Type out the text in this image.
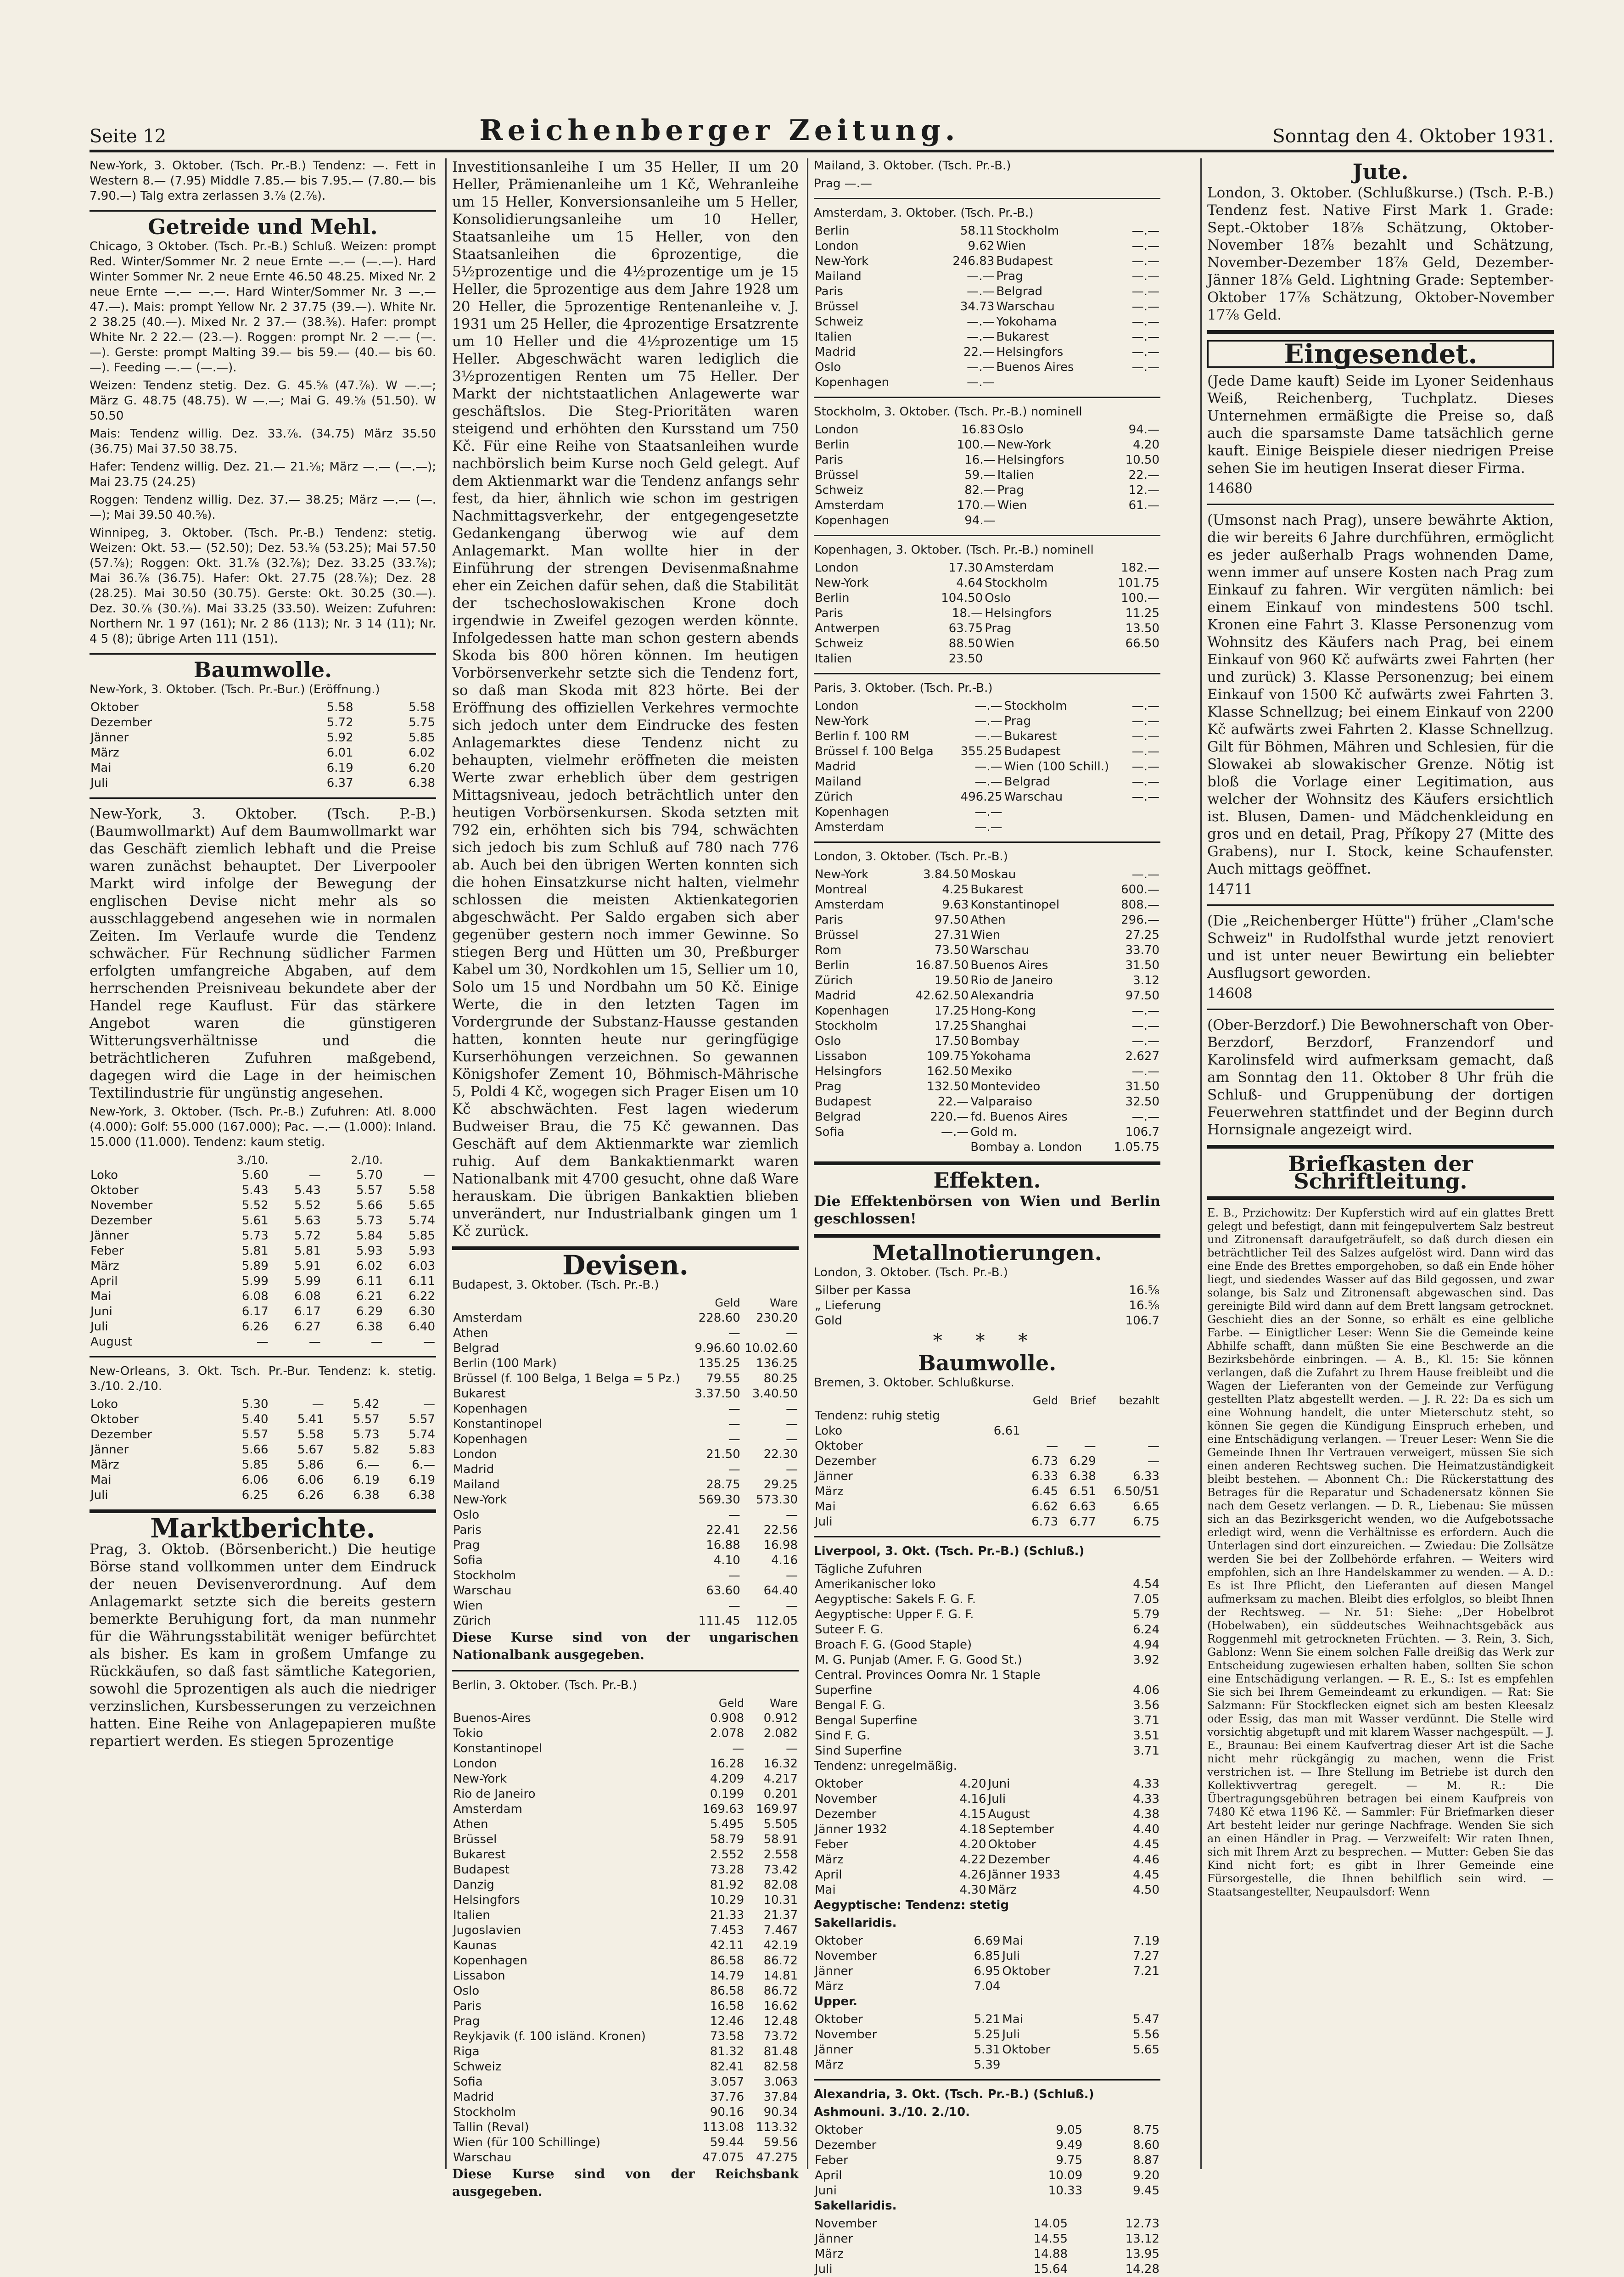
Seite 12	Reichenberger Zeitung.	Sonntag den 4. Oktober 1931.

New-York, 3. Oktober. (Tsch. Pr.-B.) Tendenz: —. Fett in Western 8.— (7.95) Middle 7.85.— bis 7.95.— (7.80.— bis 7.90.—) Talg extra zerlassen 3.⅞ (2.⅞).

Getreide und Mehl.

Chicago, 3 Oktober. (Tsch. Pr.-B.) Schluß. Weizen: prompt Red. Winter/Sommer Nr. 2 neue Ernte —.— (—.—). Hard Winter Sommer Nr. 2 neue Ernte 46.50 48.25. Mixed Nr. 2 neue Ernte —.— —.—. Hard Winter/Sommer Nr. 3 —.— 47.—). Mais: prompt Yellow Nr. 2 37.75 (39.—). White Nr. 2 38.25 (40.—). Mixed Nr. 2 37.— (38.⅜). Hafer: prompt White Nr. 2 22.— (23.—). Roggen: prompt Nr. 2 —.— (—.—). Gerste: prompt Malting 39.— bis 59.— (40.— bis 60.—). Feeding —.— (—.—).

Weizen: Tendenz stetig. Dez. G. 45.⅝ (47.⅞). W —.—; März G. 48.75 (48.75). W —.—; Mai G. 49.⅝ (51.50). W 50.50

Mais: Tendenz willig. Dez. 33.⅞. (34.75) März 35.50 (36.75) Mai 37.50 38.75.

Hafer: Tendenz willig. Dez. 21.— 21.⅝; März —.— (—.—); Mai 23.75 (24.25)

Roggen: Tendenz willig. Dez. 37.— 38.25; März —.— (—.—); Mai 39.50 40.⅝).

Winnipeg, 3. Oktober. (Tsch. Pr.-B.) Tendenz: stetig. Weizen: Okt. 53.— (52.50); Dez. 53.⅝ (53.25); Mai 57.50 (57.⅞); Roggen: Okt. 31.⅞ (32.⅞); Dez. 33.25 (33.⅞); Mai 36.⅞ (36.75). Hafer: Okt. 27.75 (28.⅞); Dez. 28 (28.25). Mai 30.50 (30.75). Gerste: Okt. 30.25 (30.—). Dez. 30.⅞ (30.⅞). Mai 33.25 (33.50). Weizen: Zufuhren: Northern Nr. 1 97 (161); Nr. 2 86 (113); Nr. 3 14 (11); Nr. 4 5 (8); übrige Arten 111 (151).

Baumwolle.

New-York, 3. Oktober. (Tsch. Pr.-Bur.) (Eröffnung.)

Oktober	5.58	5.58
Dezember	5.72	5.75
Jänner	5.92	5.85
März	6.01	6.02
Mai	6.19	6.20
Juli	6.37	6.38

New-York, 3. Oktober. (Tsch. P.-B.) (Baumwollmarkt) Auf dem Baumwollmarkt war das Geschäft ziemlich lebhaft und die Preise waren zunächst behauptet. Der Liverpooler Markt wird infolge der Bewegung der englischen Devise nicht mehr als so ausschlaggebend angesehen wie in normalen Zeiten. Im Verlaufe wurde die Tendenz schwächer. Für Rechnung südlicher Farmen erfolgten umfangreiche Abgaben, auf dem herrschenden Preisniveau bekundete aber der Handel rege Kauflust. Für das stärkere Angebot waren die günstigeren Witterungsverhältnisse und die beträchtlicheren Zufuhren maßgebend, dagegen wird die Lage in der heimischen Textilindustrie für ungünstig angesehen.

New-York, 3. Oktober. (Tsch. Pr.-B.) Zufuhren: Atl. 8.000 (4.000): Golf: 55.000 (167.000); Pac. —.— (1.000): Inland. 15.000 (11.000). Tendenz: kaum stetig.

	3./10.		2./10.	
Loko	5.60	—	5.70	—
Oktober	5.43	5.43	5.57	5.58
November	5.52	5.52	5.66	5.65
Dezember	5.61	5.63	5.73	5.74
Jänner	5.73	5.72	5.84	5.85
Feber	5.81	5.81	5.93	5.93
März	5.89	5.91	6.02	6.03
April	5.99	5.99	6.11	6.11
Mai	6.08	6.08	6.21	6.22
Juni	6.17	6.17	6.29	6.30
Juli	6.26	6.27	6.38	6.40
August	—	—	—	—

New-Orleans, 3. Okt. Tsch. Pr.-Bur. Tendenz: k. stetig. 3./10. 2./10.

Loko	5.30	—	5.42	—
Oktober	5.40	5.41	5.57	5.57
Dezember	5.57	5.58	5.73	5.74
Jänner	5.66	5.67	5.82	5.83
März	5.85	5.86	6.—	6.—
Mai	6.06	6.06	6.19	6.19
Juli	6.25	6.26	6.38	6.38
Marktberichte.

Prag, 3. Oktob. (Börsenbericht.) Die heutige Börse stand vollkommen unter dem Eindruck der neuen Devisenverordnung. Auf dem Anlagemarkt setzte sich die bereits gestern bemerkte Beruhigung fort, da man nunmehr für die Währungsstabilität weniger befürchtet als bisher. Es kam in großem Umfange zu Rückkäufen, so daß fast sämtliche Kategorien, sowohl die 5prozentigen als auch die niedriger verzinslichen, Kursbesserungen zu verzeichnen hatten. Eine Reihe von Anlagepapieren mußte repartiert werden. Es stiegen 5prozentige

Investitionsanleihe I um 35 Heller, II um 20 Heller, Prämienanleihe um 1 Kč, Wehranleihe um 15 Heller, Konversionsanleihe um 5 Heller, Konsolidierungsanleihe um 10 Heller, Staatsanleihe um 15 Heller, von den Staatsanleihen die 6prozentige, die 5½prozentige und die 4½prozentige um je 15 Heller, die 5prozentige aus dem Jahre 1928 um 20 Heller, die 5prozentige Rentenanleihe v. J. 1931 um 25 Heller, die 4prozentige Ersatzrente um 10 Heller und die 4½prozentige um 15 Heller. Abgeschwächt waren lediglich die 3½prozentigen Renten um 75 Heller. Der Markt der nichtstaatlichen Anlagewerte war geschäftslos. Die Steg-Prioritäten waren steigend und erhöhten den Kursstand um 750 Kč. Für eine Reihe von Staatsanleihen wurde nachbörslich beim Kurse noch Geld gelegt. Auf dem Aktienmarkt war die Tendenz anfangs sehr fest, da hier, ähnlich wie schon im gestrigen Nachmittagsverkehr, der entgegengesetzte Gedankengang überwog wie auf dem Anlagemarkt. Man wollte hier in der Einführung der strengen Devisenmaßnahme eher ein Zeichen dafür sehen, daß die Stabilität der tschechoslowakischen Krone doch irgendwie in Zweifel gezogen werden könnte. Infolgedessen hatte man schon gestern abends Skoda bis 800 hören können. Im heutigen Vorbörsenverkehr setzte sich die Tendenz fort, so daß man Skoda mit 823 hörte. Bei der Eröffnung des offiziellen Verkehres vermochte sich jedoch unter dem Eindrucke des festen Anlagemarktes diese Tendenz nicht zu behaupten, vielmehr eröffneten die meisten Werte zwar erheblich über dem gestrigen Mittagsniveau, jedoch beträchtlich unter den heutigen Vorbörsenkursen. Skoda setzten mit 792 ein, erhöhten sich bis 794, schwächten sich jedoch bis zum Schluß auf 780 nach 776 ab. Auch bei den übrigen Werten konnten sich die hohen Einsatzkurse nicht halten, vielmehr schlossen die meisten Aktienkategorien abgeschwächt. Per Saldo ergaben sich aber gegenüber gestern noch immer Gewinne. So stiegen Berg und Hütten um 30, Preßburger Kabel um 30, Nordkohlen um 15, Sellier um 10, Solo um 15 und Nordbahn um 50 Kč. Einige Werte, die in den letzten Tagen im Vordergrunde der Substanz-Hausse gestanden hatten, konnten heute nur geringfügige Kurserhöhungen verzeichnen. So gewannen Königshofer Zement 10, Böhmisch-Mährische 5, Poldi 4 Kč, wogegen sich Prager Eisen um 10 Kč abschwächten. Fest lagen wiederum Budweiser Brau, die 75 Kč gewannen. Das Geschäft auf dem Aktienmarkte war ziemlich ruhig. Auf dem Bankaktienmarkt waren Nationalbank mit 4700 gesucht, ohne daß Ware herauskam. Die übrigen Bankaktien blieben unverändert, nur Industrialbank gingen um 1 Kč zurück.

Devisen.

Budapest, 3. Oktober. (Tsch. Pr.-B.)

	Geld	Ware
Amsterdam	228.60	230.20
Athen	—	—
Belgrad	9.96.60	10.02.60
Berlin (100 Mark)	135.25	136.25
Brüssel (f. 100 Belga, 1 Belga = 5 Pz.)	79.55	80.25
Bukarest	3.37.50	3.40.50
Kopenhagen	—	—
Konstantinopel	—	—
Kopenhagen	—	—
London	21.50	22.30
Madrid	—	—
Mailand	28.75	29.25
New-York	569.30	573.30
Oslo	—	—
Paris	22.41	22.56
Prag	16.88	16.98
Sofia	4.10	4.16
Stockholm	—	—
Warschau	63.60	64.40
Wien	—	—
Zürich	111.45	112.05

Diese Kurse sind von der ungarischen Nationalbank ausgegeben.

Berlin, 3. Oktober. (Tsch. Pr.-B.)

	Geld	Ware
Buenos-Aires	0.908	0.912
Tokio	2.078	2.082
Konstantinopel	—	—
London	16.28	16.32
New-York	4.209	4.217
Rio de Janeiro	0.199	0.201
Amsterdam	169.63	169.97
Athen	5.495	5.505
Brüssel	58.79	58.91
Bukarest	2.552	2.558
Budapest	73.28	73.42
Danzig	81.92	82.08
Helsingfors	10.29	10.31
Italien	21.33	21.37
Jugoslavien	7.453	7.467
Kaunas	42.11	42.19
Kopenhagen	86.58	86.72
Lissabon	14.79	14.81
Oslo	86.58	86.72
Paris	16.58	16.62
Prag	12.46	12.48
Reykjavik (f. 100 isländ. Kronen)	73.58	73.72
Riga	81.32	81.48
Schweiz	82.41	82.58
Sofia	3.057	3.063
Madrid	37.76	37.84
Stockholm	90.16	90.34
Tallin (Reval)	113.08	113.32
Wien (für 100 Schillinge)	59.44	59.56
Warschau	47.075	47.275

Diese Kurse sind von der Reichsbank ausgegeben.

Mailand, 3. Oktober. (Tsch. Pr.-B.)

Prag —.—

Amsterdam, 3. Oktober. (Tsch. Pr.-B.)

Berlin	58.11	Stockholm	—.—
London	9.62	Wien	—.—
New-York	246.83	Budapest	—.—
Mailand	—.—	Prag	—.—
Paris	—.—	Belgrad	—.—
Brüssel	34.73	Warschau	—.—
Schweiz	—.—	Yokohama	—.—
Italien	—.—	Bukarest	—.—
Madrid	22.—	Helsingfors	—.—
Oslo	—.—	Buenos Aires	—.—
Kopenhagen	—.—		

Stockholm, 3. Oktober. (Tsch. Pr.-B.) nominell

London	16.83	Oslo	94.—
Berlin	100.—	New-York	4.20
Paris	16.—	Helsingfors	10.50
Brüssel	59.—	Italien	22.—
Schweiz	82.—	Prag	12.—
Amsterdam	170.—	Wien	61.—
Kopenhagen	94.—		

Kopenhagen, 3. Oktober. (Tsch. Pr.-B.) nominell

London	17.30	Amsterdam	182.—
New-York	4.64	Stockholm	101.75
Berlin	104.50	Oslo	100.—
Paris	18.—	Helsingfors	11.25
Antwerpen	63.75	Prag	13.50
Schweiz	88.50	Wien	66.50
Italien	23.50		

Paris, 3. Oktober. (Tsch. Pr.-B.)

London	—.—	Stockholm	—.—
New-York	—.—	Prag	—.—
Berlin f. 100 RM	—.—	Bukarest	—.—
Brüssel f. 100 Belga	355.25	Budapest	—.—
Madrid	—.—	Wien (100 Schill.)	—.—
Mailand	—.—	Belgrad	—.—
Zürich	496.25	Warschau	—.—
Kopenhagen	—.—		
Amsterdam	—.—		

London, 3. Oktober. (Tsch. Pr.-B.)

New-York	3.84.50	Moskau	—.—
Montreal	4.25	Bukarest	600.—
Amsterdam	9.63	Konstantinopel	808.—
Paris	97.50	Athen	296.—
Brüssel	27.31	Wien	27.25
Rom	73.50	Warschau	33.70
Berlin	16.87.50	Buenos Aires	31.50
Zürich	19.50	Rio de Janeiro	3.12
Madrid	42.62.50	Alexandria	97.50
Kopenhagen	17.25	Hong-Kong	—.—
Stockholm	17.25	Shanghai	—.—
Oslo	17.50	Bombay	—.—
Lissabon	109.75	Yokohama	2.627
Helsingfors	162.50	Mexiko	—.—
Prag	132.50	Montevideo	31.50
Budapest	22.—	Valparaiso	32.50
Belgrad	220.—	fd. Buenos Aires	—.—
Sofia	—.—	Gold m.	106.7
		Bombay a. London	1.05.75
Effekten.

Die Effektenbörsen von Wien und Berlin geschlossen!

Metallnotierungen.

London, 3. Oktober. (Tsch. Pr.-B.)

Silber per Kassa	16.⅝
„ Lieferung	16.⅝
Gold	106.7
* * *
Baumwolle.

Bremen, 3. Oktober. Schlußkurse.

		Geld	Brief	bezahlt
Tendenz: ruhig stetig				
Loko	6.61			
Oktober		—	—	—
Dezember		6.73	6.29	—
Jänner		6.33	6.38	6.33
März		6.45	6.51	6.50/51
Mai		6.62	6.63	6.65
Juli		6.73	6.77	6.75

Liverpool, 3. Okt. (Tsch. Pr.-B.) (Schluß.)

Tägliche Zufuhren	
Amerikanischer loko	4.54
Aegyptische: Sakels F. G. F.	7.05
Aegyptische: Upper F. G. F.	5.79
Suteer F. G.	6.24
Broach F. G. (Good Staple)	4.94
M. G. Punjab (Amer. F. G. Good St.)	3.92
Central. Provinces Oomra Nr. 1 Staple	
Superfine	4.06
Bengal F. G.	3.56
Bengal Superfine	3.71
Sind F. G.	3.51
Sind Superfine	3.71

Tendenz: unregelmäßig.

Oktober	4.20	Juni	4.33
November	4.16	Juli	4.33
Dezember	4.15	August	4.38
Jänner 1932	4.18	September	4.40
Feber	4.20	Oktober	4.45
März	4.22	Dezember	4.46
April	4.26	Jänner 1933	4.45
Mai	4.30	März	4.50

Aegyptische: Tendenz: stetig

Sakellaridis.

Oktober	6.69	Mai	7.19
November	6.85	Juli	7.27
Jänner	6.95	Oktober	7.21
März	7.04		

Upper.

Oktober	5.21	Mai	5.47
November	5.25	Juli	5.56
Jänner	5.31	Oktober	5.65
März	5.39		

Alexandria, 3. Okt. (Tsch. Pr.-B.) (Schluß.)

Ashmouni. 3./10. 2./10.

Oktober	9.05	8.75
Dezember	9.49	8.60
Feber	9.75	8.87
April	10.09	9.20
Juni	10.33	9.45

Sakellaridis.

November	14.05	12.73
Jänner	14.55	13.12
März	14.88	13.95
Juli	15.64	14.28
Jute.

London, 3. Oktober. (Schlußkurse.) (Tsch. P.-B.) Tendenz fest. Native First Mark 1. Grade: Sept.-Oktober 18⅞ Schätzung, Oktober-November 18⅞ bezahlt und Schätzung, November-Dezember 18⅞ Geld, Dezember-Jänner 18⅞ Geld. Lightning Grade: September-Oktober 17⅞ Schätzung, Oktober-November 17⅞ Geld.

Eingesendet.

(Jede Dame kauft) Seide im Lyoner Seidenhaus Weiß, Reichenberg, Tuchplatz. Dieses Unternehmen ermäßigte die Preise so, daß auch die sparsamste Dame tatsächlich gerne kauft. Einige Beispiele dieser niedrigen Preise sehen Sie im heutigen Inserat dieser Firma.

14680

(Umsonst nach Prag), unsere bewährte Aktion, die wir bereits 6 Jahre durchführen, ermöglicht es jeder außerhalb Prags wohnenden Dame, wenn immer auf unsere Kosten nach Prag zum Einkauf zu fahren. Wir vergüten nämlich: bei einem Einkauf von mindestens 500 tschl. Kronen eine Fahrt 3. Klasse Personenzug vom Wohnsitz des Käufers nach Prag, bei einem Einkauf von 960 Kč aufwärts zwei Fahrten (her und zurück) 3. Klasse Personenzug; bei einem Einkauf von 1500 Kč aufwärts zwei Fahrten 3. Klasse Schnellzug; bei einem Einkauf von 2200 Kč aufwärts zwei Fahrten 2. Klasse Schnellzug. Gilt für Böhmen, Mähren und Schlesien, für die Slowakei ab slowakischer Grenze. Nötig ist bloß die Vorlage einer Legitimation, aus welcher der Wohnsitz des Käufers ersichtlich ist. Blusen, Damen- und Mädchenkleidung en gros und en detail, Prag, Příkopy 27 (Mitte des Grabens), nur I. Stock, keine Schaufenster. Auch mittags geöffnet.

14711

(Die „Reichenberger Hütte") früher „Clam'sche Schweiz" in Rudolfsthal wurde jetzt renoviert und ist unter neuer Bewirtung ein beliebter Ausflugsort geworden.

14608

(Ober-Berzdorf.) Die Bewohnerschaft von Ober-Berzdorf, Berzdorf, Franzendorf und Karolinsfeld wird aufmerksam gemacht, daß am Sonntag den 11. Oktober 8 Uhr früh die Schluß- und Gruppenübung der dortigen Feuerwehren stattfindet und der Beginn durch Hornsignale angezeigt wird.

Briefkasten der Schriftleitung.

E. B., Przichowitz: Der Kupferstich wird auf ein glattes Brett gelegt und befestigt, dann mit feingepulvertem Salz bestreut und Zitronensaft daraufgeträufelt, so daß durch diesen ein beträchtlicher Teil des Salzes aufgelöst wird. Dann wird das eine Ende des Brettes emporgehoben, so daß ein Ende höher liegt, und siedendes Wasser auf das Bild gegossen, und zwar solange, bis Salz und Zitronensaft abgewaschen sind. Das gereinigte Bild wird dann auf dem Brett langsam getrocknet. Geschieht dies an der Sonne, so erhält es eine gelbliche Farbe. — Einigtlicher Leser: Wenn Sie die Gemeinde keine Abhilfe schafft, dann müßten Sie eine Beschwerde an die Bezirksbehörde einbringen. — A. B., Kl. 15: Sie können verlangen, daß die Zufahrt zu Ihrem Hause freibleibt und die Wagen der Lieferanten von der Gemeinde zur Verfügung gestellten Platz abgestellt werden. — J. R. 22: Da es sich um eine Wohnung handelt, die unter Mieterschutz steht, so können Sie gegen die Kündigung Einspruch erheben, und eine Entschädigung verlangen. — Treuer Leser: Wenn Sie die Gemeinde Ihnen Ihr Vertrauen verweigert, müssen Sie sich einen anderen Rechtsweg suchen. Die Heimatzuständigkeit bleibt bestehen. — Abonnent Ch.: Die Rückerstattung des Betrages für die Reparatur und Schadenersatz können Sie nach dem Gesetz verlangen. — D. R., Liebenau: Sie müssen sich an das Bezirksgericht wenden, wo die Aufgebotssache erledigt wird, wenn die Verhältnisse es erfordern. Auch die Unterlagen sind dort einzureichen. — Zwiedau: Die Zollsätze werden Sie bei der Zollbehörde erfahren. — Weiters wird empfohlen, sich an Ihre Handelskammer zu wenden. — A. D.: Es ist Ihre Pflicht, den Lieferanten auf diesen Mangel aufmerksam zu machen. Bleibt dies erfolglos, so bleibt Ihnen der Rechtsweg. — Nr. 51: Siehe: „Der Hobelbrot (Hobelwaben), ein süddeutsches Weihnachtsgebäck aus Roggenmehl mit getrockneten Früchten. — 3. Rein, 3. Sich, Gablonz: Wenn Sie einem solchen Falle dreißig das Werk zur Entscheidung zugewiesen erhalten haben, sollten Sie schon eine Entschädigung verlangen. — R. E., S.: Ist es empfehlen Sie sich bei Ihrem Gemeindeamt zu erkundigen. — Rat: Sie Salzmann: Für Stockflecken eignet sich am besten Kleesalz oder Essig, das man mit Wasser verdünnt. Die Stelle wird vorsichtig abgetupft und mit klarem Wasser nachgespült. — J. E., Braunau: Bei einem Kaufvertrag dieser Art ist die Sache nicht mehr rückgängig zu machen, wenn die Frist verstrichen ist. — Ihre Stellung im Betriebe ist durch den Kollektivvertrag geregelt. — M. R.: Die Übertragungsgebühren betragen bei einem Kaufpreis von 7480 Kč etwa 1196 Kč. — Sammler: Für Briefmarken dieser Art besteht leider nur geringe Nachfrage. Wenden Sie sich an einen Händler in Prag. — Verzweifelt: Wir raten Ihnen, sich mit Ihrem Arzt zu besprechen. — Mutter: Geben Sie das Kind nicht fort; es gibt in Ihrer Gemeinde eine Fürsorgestelle, die Ihnen behilflich sein wird. — Staatsangestellter, Neupaulsdorf: Wenn
